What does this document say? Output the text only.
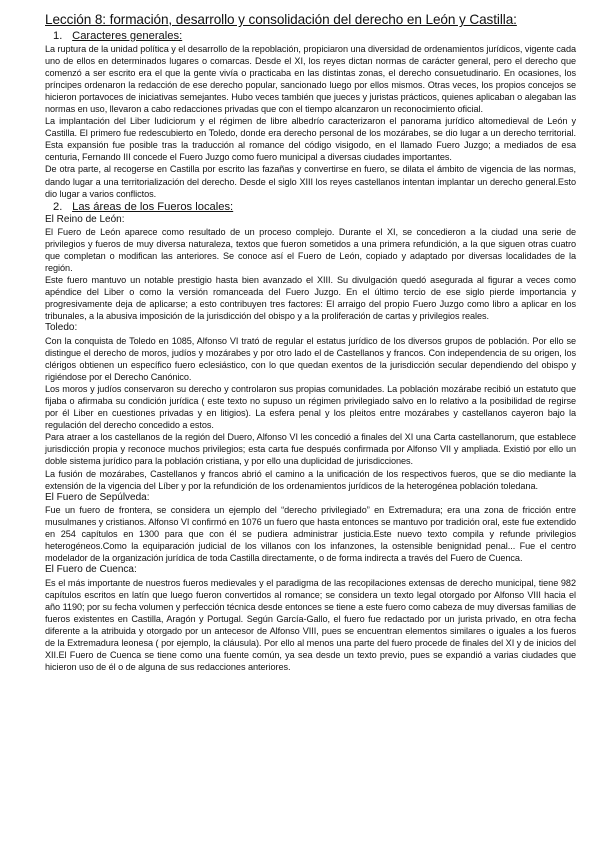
Lección 8: formación, desarrollo y consolidación del derecho en León y Castilla:
1. Caracteres generales:

La ruptura de la unidad política y el desarrollo de la repoblación, propiciaron una diversidad de ordenamientos jurídicos, vigente cada uno de ellos en determinados lugares o comarcas. Desde el XI, los reyes dictan normas de carácter general, pero el derecho que comenzó a ser escrito era el que la gente vivía o practicaba en las distintas zonas, el derecho consuetudinario. En ocasiones, los príncipes ordenaron la redacción de ese derecho popular, sancionado luego por ellos mismos. Otras veces, los propios concejos se hicieron portavoces de iniciativas semejantes. Hubo veces también que jueces y juristas prácticos, quienes aplicaban o alegaban las normas en uso, llevaron a cabo redacciones privadas que con el tiempo alcanzaron un reconocimiento oficial.

La implantación del Liber Iudiciorum y el régimen de libre albedrío caracterizaron el panorama jurídico altomedieval de León y Castilla. El primero fue redescubierto en Toledo, donde era derecho personal de los mozárabes, se dio lugar a un derecho territorial. Esta expansión fue posible tras la traducción al romance del código visigodo, en el llamado Fuero Juzgo; a mediados de esa centuria, Fernando III concede el Fuero Juzgo como fuero municipal a diversas ciudades importantes.

De otra parte, al recogerse en Castilla por escrito las fazañas y convertirse en fuero, se dilata el ámbito de vigencia de las normas, dando lugar a una territorialización del derecho. Desde el siglo XIII los reyes castellanos intentan implantar un derecho general.Esto dio lugar a varios conflictos.

2. Las áreas de los Fueros locales:
El Reino de León:

El Fuero de León aparece como resultado de un proceso complejo. Durante el XI, se concedieron a la ciudad una serie de privilegios y fueros de muy diversa naturaleza, textos que fueron sometidos a una primera refundición, a la que siguen otras cuatro que completan o modifican las anteriores. Se conoce así el Fuero de León, copiado y adaptado por diversas localidades de la región.

Este fuero mantuvo un notable prestigio hasta bien avanzado el XIII. Su divulgación quedó asegurada al figurar a veces como apéndice del Liber o como la versión romanceada del Fuero Juzgo. En el último tercio de ese siglo pierde importancia y progresivamente deja de aplicarse; a esto contribuyen tres factores: El arraigo del propio Fuero Juzgo como libro a aplicar en los tribunales, a la abusiva imposición de la jurisdicción del obispo y a la proliferación de cartas y privilegios reales.

Toledo:

Con la conquista de Toledo en 1085, Alfonso VI trató de regular el estatus jurídico de los diversos grupos de población. Por ello se distingue el derecho de moros, judíos y mozárabes y por otro lado el de Castellanos y francos. Con independencia de su origen, los clérigos obtienen un específico fuero eclesiástico, con lo que quedan exentos de la jurisdicción secular dependiendo del obispo y rigiéndose por el Derecho Canónico.

Los moros y judíos conservaron su derecho y controlaron sus propias comunidades. La población mozárabe recibió un estatuto que fijaba o afirmaba su condición jurídica ( este texto no supuso un régimen privilegiado salvo en lo relativo a la posibilidad de regirse por él Liber en cuestiones privadas y en litigios). La esfera penal y los pleitos entre mozárabes y castellanos cayeron bajo la regulación del derecho concedido a estos.

Para atraer a los castellanos de la región del Duero, Alfonso VI les concedió a finales del XI una Carta castellanorum, que establece jurisdicción propia y reconoce muchos privilegios; esta carta fue después confirmada por Alfonso VII y ampliada. Existió por ello un doble sistema jurídico para la población cristiana, y por ello una duplicidad de jurisdicciones.

La fusión de mozárabes, Castellanos y francos abrió el camino a la unificación de los respectivos fueros, que se dio mediante la extensión de la vigencia del Líber y por la refundición de los ordenamientos jurídicos de la heterogénea población toledana.

El Fuero de Sepúlveda:

Fue un fuero de frontera, se considera un ejemplo del “derecho privilegiado” en Extremadura; era una zona de fricción entre musulmanes y cristianos. Alfonso VI confirmó en 1076 un fuero que hasta entonces se mantuvo por tradición oral, este fue extendido en 254 capítulos en 1300 para que con él se pudiera administrar justicia.Este nuevo texto compila y refunde privilegios heterogéneos.Como la equiparación judicial de los villanos con los infanzones, la ostensible benignidad penal... Fue el centro modelador de la organización jurídica de toda Castilla directamente, o de forma indirecta a través del Fuero de Cuenca.

El Fuero de Cuenca:

Es el más importante de nuestros fueros medievales y el paradigma de las recopilaciones extensas de derecho municipal, tiene 982 capítulos escritos en latín que luego fueron convertidos al romance; se considera un texto legal otorgado por Alfonso VIII hacia el año 1190; por su fecha volumen y perfección técnica desde entonces se tiene a este fuero como cabeza de muy diversas familias de fueros existentes en Castilla, Aragón y Portugal. Según García-Gallo, el fuero fue redactado por un jurista privado, en otra fecha diferente a la atribuida y otorgado por un antecesor de Alfonso VIII, pues se encuentran elementos similares o iguales a los fueros de la Extremadura leonesa ( por ejemplo, la cláusula). Por ello al menos una parte del fuero procede de finales del XI y de inicios del XII.El Fuero de Cuenca se tiene como una fuente común, ya sea desde un texto previo, pues se expandió a varias ciudades que hicieron uso de él o de alguna de sus redacciones anteriores.
